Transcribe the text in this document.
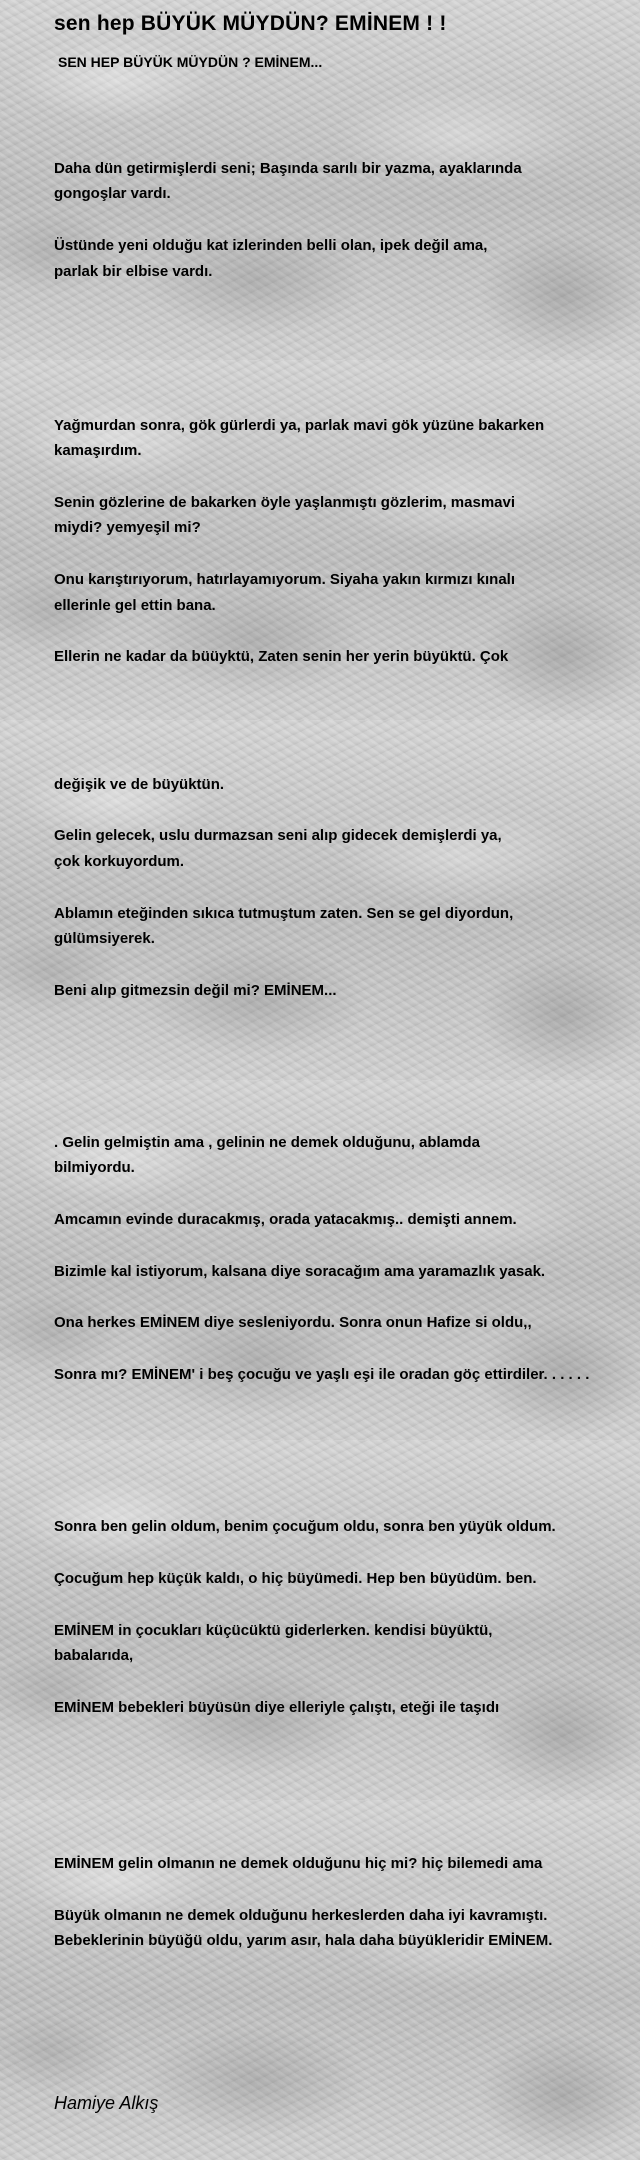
sen hep BÜYÜK MÜYDÜN? EMİNEM ! !
SEN HEP BÜYÜK MÜYDÜN ? EMİNEM...

Daha dün getirmişlerdi seni; Başında sarılı bir yazma, ayaklarında

gongoşlar vardı.

Üstünde yeni olduğu kat izlerinden belli olan, ipek değil ama,

parlak bir elbise vardı.

Yağmurdan sonra, gök gürlerdi ya, parlak mavi gök yüzüne bakarken

kamaşırdım.

Senin gözlerine de bakarken öyle yaşlanmıştı gözlerim, masmavi

miydi? yemyeşil mi?

Onu karıştırıyorum, hatırlayamıyorum. Siyaha yakın kırmızı kınalı

ellerinle gel ettin bana.

Ellerin ne kadar da büüyktü, Zaten senin her yerin büyüktü. Çok

değişik ve de büyüktün.

Gelin gelecek, uslu durmazsan seni alıp gidecek demişlerdi ya,

çok korkuyordum.

Ablamın eteğinden sıkıca tutmuştum zaten. Sen se gel diyordun,

gülümsiyerek.

Beni alıp gitmezsin değil mi? EMİNEM...

. Gelin gelmiştin ama , gelinin ne demek olduğunu, ablamda

bilmiyordu.

Amcamın evinde duracakmış, orada yatacakmış.. demişti annem.

Bizimle kal istiyorum, kalsana diye soracağım ama yaramazlık yasak.

Ona herkes EMİNEM diye sesleniyordu. Sonra onun Hafize si oldu,,

Sonra mı? EMİNEM' i beş çocuğu ve yaşlı eşi ile oradan göç ettirdiler. . . . . .

Sonra ben gelin oldum, benim çocuğum oldu, sonra ben yüyük oldum.

Çocuğum hep küçük kaldı, o hiç büyümedi. Hep ben büyüdüm. ben.

EMİNEM in çocukları küçücüktü giderlerken. kendisi büyüktü,

babalarıda,

EMİNEM bebekleri büyüsün diye elleriyle çalıştı, eteği ile taşıdı

EMİNEM gelin olmanın ne demek olduğunu hiç mi? hiç bilemedi ama

Büyük olmanın ne demek olduğunu herkeslerden daha iyi kavramıştı.

Bebeklerinin büyüğü oldu, yarım asır, hala daha büyükleridir EMİNEM.

Hamiye Alkış
